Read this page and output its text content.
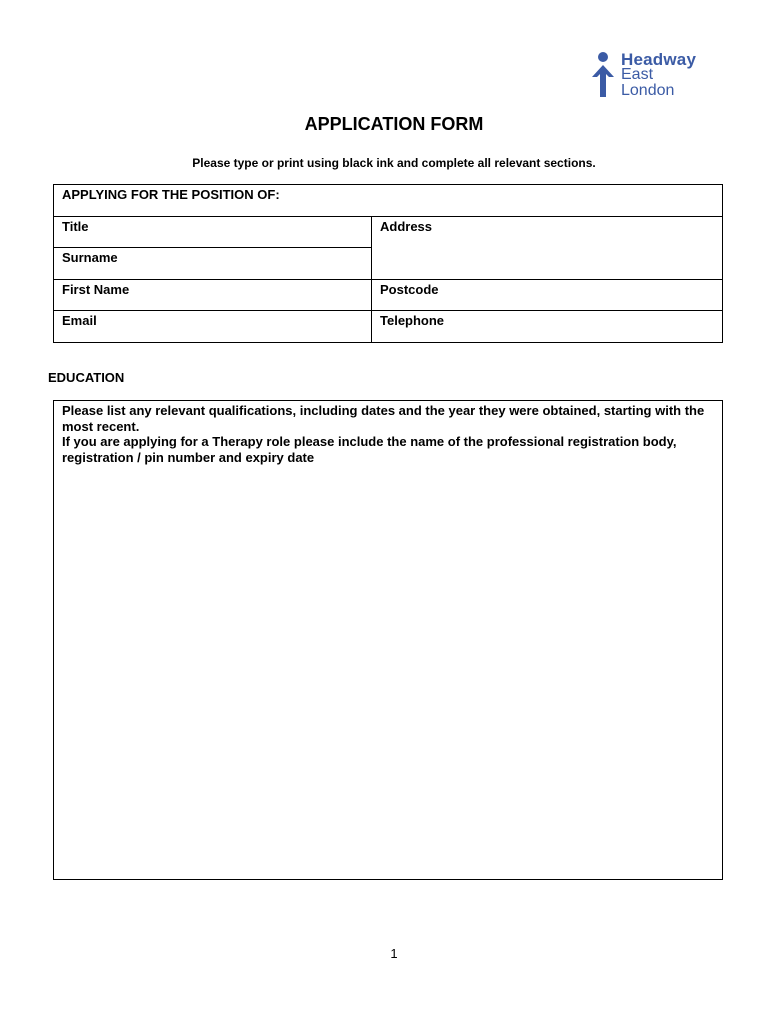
Headway
East
London
APPLICATION FORM
Please type or print using black ink and complete all relevant sections.
APPLYING FOR THE POSITION OF:
Title	Address
Surname
First Name	Postcode
Email	Telephone
EDUCATION
Please list any relevant qualifications, including dates and the year they were obtained, starting with the most recent.
If you are applying for a Therapy role please include the name of the professional registration body, registration / pin number and expiry date
1
